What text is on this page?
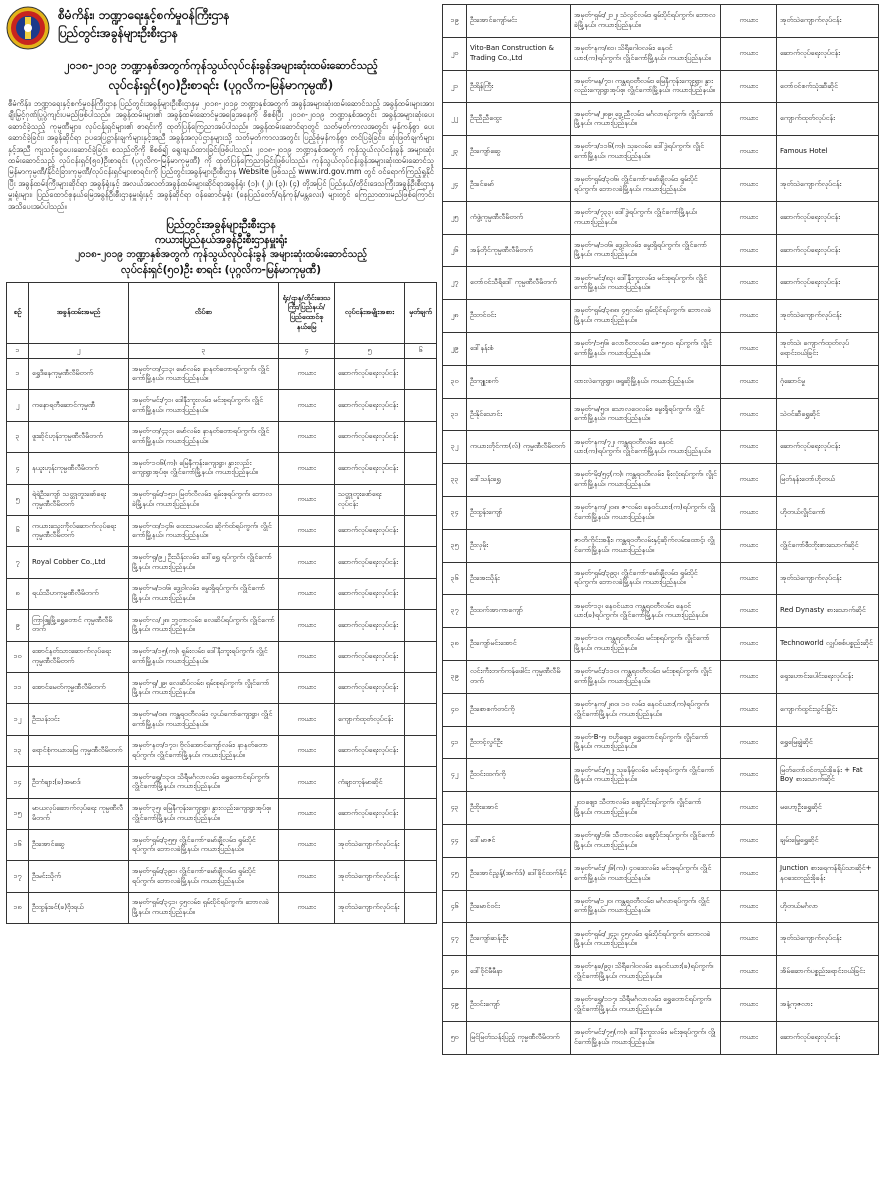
စီမံကိန်း၊ ဘဏ္ဍာရေးနှင့်စက်မှုဝန်ကြီးဌာန
ပြည်တွင်းအခွန်များဦးစီးဌာန
၂၀၁၈-၂၀၁၉ ဘဏ္ဍာနှစ်အတွက်ကုန်သွယ်လုပ်ငန်းခွန်အများဆုံးထမ်းဆောင်သည့်
လုပ်ငန်းရှင်(၅၀)ဦးစာရင်း (ပုဂ္ဂလိက-မြန်မာကုမ္ပဏီ)
စီမံကိန်း၊ ဘဏ္ဍာရေးနှင့်စက်မှုဝန်ကြီးဌာန ပြည်တွင်းအခွန်များဦးစီးဌာနမှ ၂၀၁၈-၂၀၁၉ ဘဏ္ဍာနှစ်အတွက် အခွန်အများဆုံးထမ်းဆောင်သည့် အခွန်ထမ်းများအား ချီးမြှင့်ဂုဏ်ပြုပွဲကျင်းပမည်ဖြစ်ပါသည်။ အခွန်ထမ်းများ၏ အခွန်ထမ်းဆောင်မှုအခြေအနေကို စိစစ်ပြီး ၂၀၁၈-၂၀၁၉ ဘဏ္ဍာနှစ်အတွင်း အခွန်အများဆုံးပေးဆောင်ခဲ့သည့် ကုမ္ပဏီများ၊ လုပ်ငန်းရှင်များ၏ စာရင်းကို ထုတ်ပြန်ကြေညာအပ်ပါသည်။ အခွန်ထမ်းဆောင်ရာတွင် သတ်မှတ်ကာလအတွင်း မှန်ကန်စွာ ပေးဆောင်ခဲ့ခြင်း၊ အခွန်ဆိုင်ရာ ဥပဒေပြဋ္ဌာန်းချက်များနှင့်အညီ အခွန်အလုပ်ဌာနများသို့ သတ်မှတ်ကာလအတွင်း ပြည့်စုံမှန်ကန်စွာ တင်ပြခဲ့ခြင်း၊ ဆုံးဖြတ်ချက်များနှင့်အညီ ကျသင့်ငွေပေးဆောင်ခဲ့ခြင်း စသည်တို့ကို စိစစ်၍ ရွေးချယ်ထားခြင်းဖြစ်ပါသည်။ ၂၀၁၈-၂၀၁၉ ဘဏ္ဍာနှစ်အတွက် ကုန်သွယ်လုပ်ငန်းခွန် အများဆုံးထမ်းဆောင်သည့် လုပ်ငန်းရှင်(၅၀)ဦးစာရင်း (ပုဂ္ဂလိက-မြန်မာကုမ္ပဏီ) ကို ထုတ်ပြန်ကြေညာခြင်းဖြစ်ပါသည်။ ကုန်သွယ်လုပ်ငန်းခွန်အများဆုံးထမ်းဆောင်သူ မြန်မာကုမ္ပဏီ/နိုင်ငံခြားကုမ္ပဏီ/လုပ်ငန်းရှင်များစာရင်းကို ပြည်တွင်းအခွန်များဦးစီးဌာန Website ဖြစ်သည့် www.ird.gov.mm တွင် ဝင်ရောက်ကြည့်ရှုနိုင်ပြီး အခွန်ထမ်းကြီးများဆိုင်ရာ အခွန်ရုံးနှင့် အလယ်အလတ်အခွန်ထမ်းများဆိုင်ရာအခွန်ရုံး (၁)၊ (၂)၊ (၃)၊ (၄) တို့အပြင် ပြည်နယ်/တိုင်းဒေသကြီးအခွန်ဦးစီးဌာနမှူးရုံးများ၊ ပြည်ထောင်စုနယ်မြေအခွန်ဦးစီးဌာနမှူးရုံးနှင့် အခွန်ဆိုင်ရာ ဝန်ဆောင်မှုရုံး (နေပြည်တော်/ရန်ကုန်/မန္တလေး) များတွင် ကြေညာထားမည်ဖြစ်ကြောင်း အသိပေးအပ်ပါသည်။
ပြည်တွင်းအခွန်များဦးစီးဌာန
ကယားပြည်နယ်အခွန်ဦးစီးဌာနမှူးရုံး
၂၀၁၈-၂၀၁၉ ဘဏ္ဍာနှစ်အတွက် ကုန်သွယ်လုပ်ငန်းခွန် အများဆုံးထမ်းဆောင်သည့်
လုပ်ငန်းရှင်(၅၀)ဦး စာရင်း (ပုဂ္ဂလိက-မြန်မာကုမ္ပဏီ)
စဉ်	အခွန်ထမ်းအမည်	လိပ်စာ	ရုံး/ဌာန/တိုင်းဒေသကြီး/ပြည်နယ်/ပြည်ထောင်စုနယ်မြေ	လုပ်ငန်းအမျိုးအစား	မှတ်ချက်
၁	၂	၃	၄	၅	၆
၁	ရွှေဒီနေကုမ္ပဏီလီမိတက်	အမှတ်-တ/၄၁၃၊ မော်လမ်း၊ နာနတ်တောရပ်ကွက်၊ လွိုင်ကော်မြို့နယ်၊ ကယားပြည်နယ်။	ကယား	ဆောက်လုပ်ရေးလုပ်ငန်း	
၂	ကနောရတီဆောင်ကုမ္ပဏီ	အမှတ်-မင်း/၇၁၊ ဒေါနီးကူးလမ်း၊ မင်းစုရပ်ကွက်၊ လွိုင်ကော်မြို့နယ်၊ ကယားပြည်နယ်။	ကယား	ဆောက်လုပ်ရေးလုပ်ငန်း	
၃	ဖူးဆိုင်ဟုန်းကုမ္ပဏီလီမိတက်	အမှတ်-တ/၄၃၁၊ မော်လမ်း၊ နာနတ်တောရပ်ကွက်၊ လွိုင်ကော်မြို့နယ်၊ ကယားပြည်နယ်။	ကယား	ဆောက်လုပ်ရေးလုပ်ငန်း	
၄	နယူးဟုန်းကုမ္ပဏီလီမိတက်	အမှတ်-၁၀၆(က)၊ မြေနီကုန်းကျေးရွာ၊ နွားလည်းကျေးရွာအုပ်စု၊ လွိုင်ကော်မြို့နယ်၊ ကယားပြည်နယ်။	ကယား	ဆောက်လုပ်ရေးလုပ်ငန်း	
၅	ရဲရဲဦးကျော် သတ္တုတူးဖော်ရေး ကုမ္ပဏီလီမိတက်	အမှတ်-ရှမ်း/၁၅၁၊ မြတ်လီလမ်း၊ ရှမ်းစုရပ်ကွက်၊ ဘောလခဲမြို့နယ်၊ ကယားပြည်နယ်။	ကယား	သတ္တုတူးဖော်ရေးလုပ်ငန်း	
၆	ကယားသွေးကိုလ်ဆောက်လုပ်ရေး ကုမ္ပဏီလီမိတက်	အမှတ်-ထ/၁၄၆၊ ထေးသမလမ်း၊ ဆိုက်ထ်ရပ်ကွက်၊ လွိုင်ကော်မြို့နယ်၊ ကယားပြည်နယ်။	ကယား	ဆောက်လုပ်ရေးလုပ်ငန်း	
၇	Royal Cobber Co.,Ltd	အမှတ်-ရှ/၉၂ ဦးသိန်းလမ်း၊ ဒေါ်ရွှေ ရပ်ကွက်၊ လွိုင်ကော်မြို့နယ်၊ ကယားပြည်နယ်။	ကယား	ဆောက်လုပ်ရေးလုပ်ငန်း	
၈	ရယ်သီဟကုမ္ပဏီလီမိတက်	အမှတ်-မ/၁၀၆၊ ဒွေ့ဝါလမ်း၊ မွေးရှိရပ်ကွက်၊ လွိုင်ကော်မြို့နယ်၊ ကယားပြည်နယ်။	ကယား	ဆောက်လုပ်ရေးလုပ်ငန်း	
၉	ကြာဖြူမြို့ရွှေတောင် ကုမ္ပဏီလီမိတက်	အမှတ်-လ/၂၈၊ ဘူတာလမ်း၊ လေဆိပ်ရပ်ကွက်၊ လွိုင်ကော်မြို့နယ်၊ ကယားပြည်နယ်။	ကယား	ဆောက်လုပ်ရေးလုပ်ငန်း	
၁၀	အောင်နတ်သားဆောက်လုပ်ရေး ကုမ္ပဏီလီမိတက်	အမှတ်-ဒ/၁၅(က)၊ ရှမ်းလမ်း၊ ဒေါ်နီးကူးရပ်ကွက်၊ လွိုင်ကော်မြို့နယ်၊ ကယားပြည်နယ်။	ကယား	ဆောက်လုပ်ရေးလုပ်ငန်း	
၁၁	အောင်မေတ်ကုမ္ပဏီလီမိတက်	အမှတ်-ရှ/၂၉၊ လေဆိပ်လမ်း၊ ရှမ်းစုရပ်ကွက်၊ လွိုင်ကော်မြို့နယ်၊ ကယားပြည်နယ်။	ကယား	ဆောက်လုပ်ရေးလုပ်ငန်း	
၁၂	ဦးသန်းဝင်း	အမှတ်-မ/၀၈၊ ကန္တရဝတီလမ်း၊ လွယ်ကော်ကျေးရွာ၊ လွိုင်ကော်မြို့နယ်၊ ကယားပြည်နယ်။	ကယား	ကျောက်ထုတ်လုပ်ငန်း	
၁၃	ရောင်စုံကယားမြေ ကုမ္ပဏီလီမိတက်	အမှတ်-နတ/၁၇၁၊ ဗိုလ်အောင်ကျော်လမ်း၊ နာနတ်တောရပ်ကွက်၊ လွိုင်ကော်မြို့နယ်၊ ကယားပြည်နယ်။	ကယား	ဆောက်လုပ်ရေးလုပ်ငန်း	
၁၄	ဦးကံချား(ခ)အမာဒ်	အမှတ်-ရွှေ/၁၃၀၊ သိရီမင်္ဂလာလမ်း၊ ရွှေတောင်ရပ်ကွက်၊ လွိုင်ကော်မြို့နယ်၊ ကယားပြည်နယ်။	ကယား	ကံချားကုန်မာဆိုင်	
၁၅	မာယလုပ်ဆောက်လုပ်ရေး ကုမ္ပဏီလီမိတက်	အမှတ်-၃၅၊ မြေနီကုန်းကျေးရွာ၊ နွားလည်းကျေးရွာအုပ်စု၊ လွိုင်ကော်မြို့နယ်၊ ကယားပြည်နယ်။	ကယား	ဆောက်လုပ်ရေးလုပ်ငန်း	
၁၆	ဦးအောင်ဆွေ	အမှတ်-ရှမ်း/၃၅၅၊ လွိုင်ကော်-မော်ချီလမ်း၊ ရှမ်းပိုင်ရပ်ကွက်၊ ဘောလခဲမြို့နယ်၊ ကယားပြည်နယ်။	ကယား	အုတ်သဲကျောက်လုပ်ငန်း	
၁၇	ဦးမင်းသိုက်	အမှတ်-ရှမ်း/၃၉၁၊ လွိုင်ကော်-မော်ချီလမ်း၊ ရှမ်းပိုင်ရပ်ကွက်၊ ဘောလခဲမြို့နယ်၊ ကယားပြည်နယ်။	ကယား	အုတ်သဲကျောက်လုပ်ငန်း	
၁၈	ဦးထွန်းခင်(ခ)ဝိုးရယ်	အမှတ်-ရှမ်း/၃၄၁၊ ၄၅လမ်း၊ ရှမ်းပိုင်ရပ်ကွက်၊ ဘောလခဲမြို့နယ်၊ ကယားပြည်နယ်။	ကယား	အုတ်သဲကျောက်လုပ်ငန်း	
၁၉	ဦးအောင်ကျော်မင်း	အမှတ်-ရှမ်း/၂၁၂၊ သံလွင်လမ်း၊ ရှမ်းပိုင်ရပ်ကွက်၊ ဘောလခဲမြို့နယ်၊ ကယားပြည်နယ်။	ကယား	အုတ်သဲကျောက်လုပ်ငန်း
၂၀	Vito-Ban Construction & Trading Co.,Ltd	အမှတ်-နက/၈၁၊ သိရီဂေါဝလမ်း၊ နေဝင်ယား(က)ရပ်ကွက်၊ လွိုင်ကော်မြို့နယ်၊ ကယားပြည်နယ်။	ကယား	ဆောက်လုပ်ရေးလုပ်ငန်း
၂၁	ဦးရိန်ကြီး	အမှတ်-မန/၇၁၊ ကန္တရဝတီလမ်း၊ မြေနီကုန်းကျေးရွာ၊ နွားလည်းကျေးရွာအုပ်စု၊ လွိုင်ကော်မြို့နယ်၊ ကယားပြည်နယ်။	ကယား	တော်ဝင်စက်သုံးဆီဆိုင်
၂၂	ဦးညီညီထွေး	အမှတ်-မ/၂၈၉၊ ဒွေ့ညီလမ်း၊ မင်္ဂလာရပ်ကွက်၊ လွိုင်ကော်မြို့နယ်၊ ကယားပြည်နယ်။	ကယား	ကျောက်ထုတ်လုပ်ငန်း
၂၃	ဦးကျော်ဆွေ	အမှတ်-ဒ/၁၁၆(က)၊ သုခလမ်း၊ ဒေါ်ဒွဲရပ်ကွက်၊ လွိုင်ကော်မြို့နယ်၊ ကယားပြည်နယ်။	ကယား	Famous Hotel
၂၄	ဦးခင်မော်	အမှတ်-ရှမ်း/၃၀၆၊ လွိုင်ကော်-မော်ချီလမ်း၊ ရှမ်းပိုင်ရပ်ကွက်၊ ဘောလခဲမြို့နယ်၊ ကယားပြည်နယ်။	ကယား	အုတ်သဲကျောက်လုပ်ငန်း
၂၅	ကံဖွဲ့ကုမ္ပဏီလီမိတက်	အမှတ်-ဒ/၇၃၃၊ ဒေါ်ဒွဲရပ်ကွက်၊ လွိုင်ကော်မြို့နယ်၊ ကယားပြည်နယ်။	ကယား	ဆောက်လုပ်ရေးလုပ်ငန်း
၂၆	အန်တိုင်ကုမ္ပဏီလီမိတက်	အမှတ်-မ/၁၀၆၊ ဒွေ့ဝါလမ်း၊ မွေးရှိရပ်ကွက်၊ လွိုင်ကော်မြို့နယ်၊ ကယားပြည်နယ်။	ကယား	ဆောက်လုပ်ရေးလုပ်ငန်း
၂၇	တော်ဝင်သီရိဒေါ် ကုမ္ပဏီလီမိတက်	အမှတ်-မင်း/၈၃၊ ဒေါ်နီးကူးလမ်း၊ မင်းစုရပ်ကွက်၊ လွိုင်ကော်မြို့နယ်၊ ကယားပြည်နယ်။	ကယား	ဆောက်လုပ်ရေးလုပ်ငန်း
၂၈	ဦးတင်ဝင်း	အမှတ်-ရှမ်း/၃၈၈၊ ၄၅လမ်း၊ ရှမ်းပိုင်ရပ်ကွက်၊ ဘောလခဲမြို့နယ်၊ ကယားပြည်နယ်။	ကယား	အုတ်သဲကျောက်လုပ်ငန်း
၂၉	ဒေါ်နန်းစံ	အမှတ်-/၁၅၆၊ လောဝီတလမ်း၊ ဇေ-၅၀၀ ရပ်ကွက်၊ လွိုင်ကော်မြို့နယ်၊ ကယားပြည်နယ်။	ကယား	အုတ်သဲ၊ ကျောက်ထုတ်လုပ်ရောင်းဝယ်ခြင်း
၃၀	ဦးကျူးစက်	ထားလဲကျေးရွာ၊ ဖရူဆိုမြို့နယ်၊ ကယားပြည်နယ်။	ကယား	ဂုံဆောင်မှု
၃၁	ဦးနိုင်သောင်း	အမှတ်-မ/၅၀၊ သောလဝေလမ်း၊ မွေးရှိရပ်ကွက်၊ လွိုင်ကော်မြို့နယ်၊ ကယားပြည်နယ်။	ကယား	သဲဝင်ဆီရွှေဆိုင်
၃၂	ကယားတိုင်ကာ(လ်) ကုမ္ပဏီလီမိတက်	အမှတ်-နက/၇၂၊ ကန္တရဝတီလမ်း၊ နေဝင်ယား(က)ရပ်ကွက်၊ လွိုင်ကော်မြို့နယ်၊ ကယားပြည်နယ်။	ကယား	ဆောက်လုပ်ရေးလုပ်ငန်း
၃၃	ဒေါ်သန်းရွှေ	အမှတ်-မိုး/၅၄(က)၊ ကန္တရဝတီလမ်း၊ မိုးလုံးရပ်ကွက်၊ လွိုင်ကော်မြို့နယ်၊ ကယားပြည်နယ်။	ကယား	မြတ်နန်းတော်ဟိုတယ်
၃၄	ဦးထွန်းကျော်	အမှတ်-နက/၂၀၈၊ ဇ-လမ်း၊ နေဝင်ယား(က)ရပ်ကွက်၊ လွိုင်ကော်မြို့နယ်၊ ကယားပြည်နယ်။	ကယား	ဟိုတယ်လွိုင်ကော်
၃၅	ဦးလှမိုး	ဇာတိကိုင်းအနီး၊ ကန္တရဝတီလမ်းနှင့်ဆိုက်လမ်းထောင့်၊ လွိုင်ကော်မြို့နယ်၊ ကယားပြည်နယ်။	ကယား	လွိုင်ကော်စီးတိုးစားသောက်ဆိုင်
၃၆	ဦးအေးသိုန်း	အမှတ်-ရှမ်း/၃၉၃၊ လွိုင်ကော်-မော်ချီလမ်း၊ ရှမ်းပိုင်ရပ်ကွက်၊ ဘောလခဲမြို့နယ်၊ ကယားပြည်နယ်။	ကယား	အုတ်သဲကျောက်လုပ်ငန်း
၃၇	ဦးထက်အာကာကျော်	အမှတ်-၁၃၊ နေဝင်ယား၊ ကန္တရဝတီလမ်း၊ နေဝင်ယား(ခ)ရပ်ကွက်၊ လွိုင်ကော်မြို့နယ်၊ ကယားပြည်နယ်။	ကယား	Red Dynasty စားသောက်ဆိုင်
၃၈	ဦးကျော်မင်းအောင်	အမှတ်-၁၀၊ ကန္တရဝတီလမ်း၊ မင်းစုရပ်ကွက်၊ လွိုင်ကော်မြို့နယ်၊ ကယားပြည်နယ်။	ကယား	Technoworld လျှပ်စစ်ပစ္စည်းဆိုင်
၃၉	လင်းကီးတက်ကန်ဖေါင်း ကုမ္ပဏီလီမိတက်	အမှတ်-မင်း/၁၁၀၊ ကန္တရဝတီလမ်း၊ မင်းစုရပ်ကွက်၊ လွိုင်ကော်မြို့နယ်၊ ကယားပြည်နယ်။	ကယား	ရှေးဟောင်းပေါင်းရေးလုပ်ငန်း
၄၀	ဦးစောစက်တင်ကို	အမှတ်-နက/၂၈၀၊ ၁၀ လမ်း၊ နေဝင်ယား(က)ရပ်ကွက်၊ လွိုင်ကော်မြို့နယ်၊ ကယားပြည်နယ်။	ကယား	ကျောက်ထွင်းသွင်းခြင်း
၄၁	ဦးတင့်လွင်ဦး	အမှတ်-B-၅၊ ဗဟိုဈေး၊ ရွှေတောင်ရပ်ကွက်၊ လွိုင်ကော်မြို့နယ်၊ ကယားပြည်နယ်။	ကယား	ရွှေမြေချွဲဆိုင်
၄၂	ဦးဝင်းထက်ကို	အမှတ်-မင်း/၅၂၊ သုခနိမ့်လမ်း၊ မင်းစုရပ်ကွက်၊ လွိုင်ကော်မြို့နယ်၊ ကယားပြည်နယ်။	ကယား	မြတ်တော်ဝင်တည်းခိုခန်း + Fat Boy စားသောက်ဆိုင်
၄၃	ဦးဗိုးအောင်	၂၀၁ဈေး၊ သီတာလမ်း၊ ဈေးပိုင်းရပ်ကွက်၊ လွိုင်ကော်မြို့နယ်၊ ကယားပြည်နယ်။	ကယား	မဟော့ဦးရွှေဆိုင်
၄၄	ဒေါ်မာဇင်	အမှတ်-၈ျ/၁၆၊ သီတာလမ်း၊ ဈေးပိုင်းရပ်ကွက်၊ လွိုင်ကော်မြို့နယ်၊ ကယားပြည်နယ်။	ကယား	ချမ်းမြေ့ရွှေဆိုင်
၄၅	ဦးအောင်ညွန့်(အက်ဒ်) ဒေါ်ခိုင်ထက်နိုင်	အမှတ်-မင်း/၂၆(က)၊ ၄ဝဒေးလမ်း၊ မင်းစုရပ်ကွက်၊ လွိုင်ကော်မြို့နယ်၊ ကယားပြည်နယ်။	ကယား	Junction စားရေကန်ရိပ်သာဆိုင်+ နဝဒေးတည်းခိုခန်း
၄၆	ဦးမောင်ဝင်း	အမှတ်-မ/၁၂၀၊ ကန္တရဝတီလမ်း၊ မင်္ဂလာရပ်ကွက်၊ လွိုင်ကော်မြို့နယ်၊ ကယားပြည်နယ်။	ကယား	ဟိုတယ်မင်္ဂလာ
၄၇	ဦးကျော်ဆန်းဦး	အမှတ်-ရှမ်း/၂၄၃၊ ၄၅လမ်း၊ ရှမ်းပိုင်ရပ်ကွက်၊ ဘောလခဲမြို့နယ်၊ ကယားပြည်နယ်။	ကယား	အုတ်သဲကျောက်လုပ်ငန်း
၄၈	ဒေါ်ဝိုင်မီမီနာ	အမှတ်-နခ/၉၃၊ သိရီဂေါဝလမ်း၊ နေဝင်ယား(ခ)ရပ်ကွက်၊ လွိုင်ကော်မြို့နယ်၊ ကယားပြည်နယ်။	ကယား	အိမ်ဆောက်ပစ္စည်းရောင်းဝယ်ခြင်း
၄၉	ဦးဝင်းကျော်	အမှတ်-ရွှေ/၁၁၇၊ သိရီမင်္ဂလာလမ်း၊ ရွှေတောင်ရပ်ကွက်၊ လွိုင်ကော်မြို့နယ်၊ ကယားပြည်နယ်။	ကယား	အနံ့ကုဇလား
၅၀	မြင်မြတ်သန်းပြည့် ကုမ္ပဏီလီမိတက်	အမှတ်-မင်း/၇၅(က)၊ ဒေါ်နီးကူးလမ်း၊ မင်းစုရပ်ကွက်၊ လွိုင်ကော်မြို့နယ်၊ ကယားပြည်နယ်။	ကယား	ဆောက်လုပ်ရေးလုပ်ငန်း
